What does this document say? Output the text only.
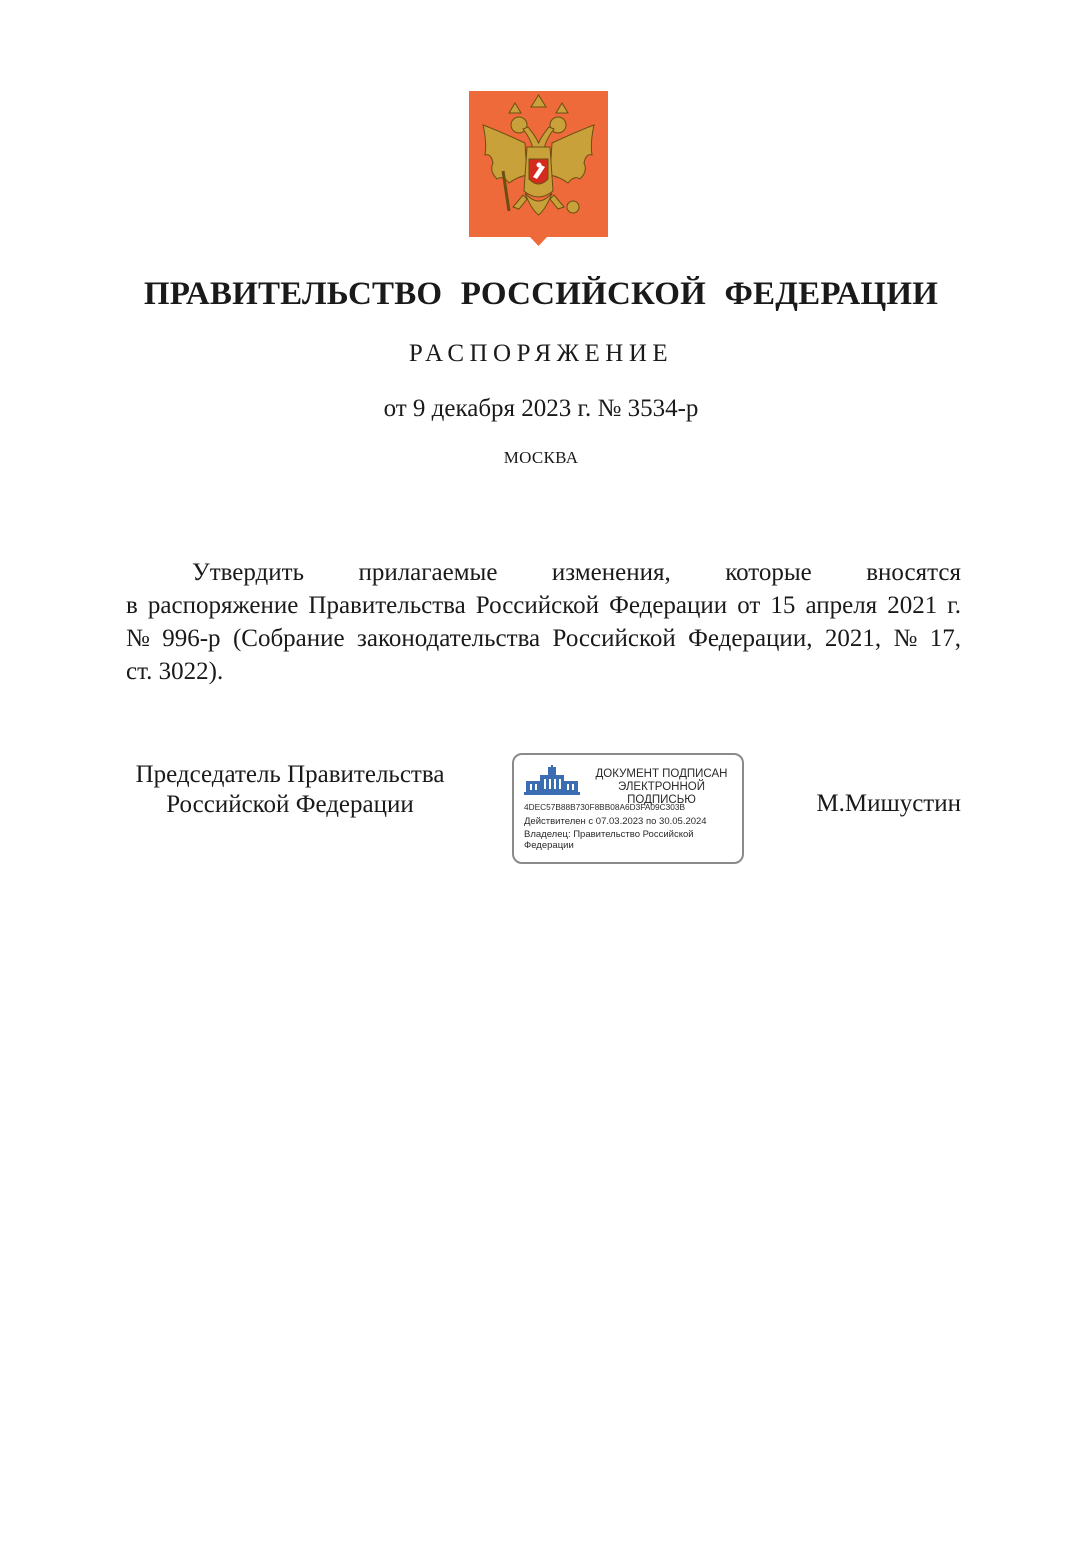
ПРАВИТЕЛЬСТВО РОССИЙСКОЙ ФЕДЕРАЦИИ
РАСПОРЯЖЕНИЕ
от 9 декабря 2023 г. № 3534-р
МОСКВА
Утвердить прилагаемые изменения, которые вносятся
в распоряжение Правительства Российской Федерации от 15 апреля 2021 г.
№ 996-р (Собрание законодательства Российской Федерации, 2021, № 17,
ст. 3022).
Председатель Правительства
Российской Федерации
ДОКУМЕНТ ПОДПИСАН
ЭЛЕКТРОННОЙ ПОДПИСЬЮ
4DEC57B88B730F8BB08A6D3FA09C303B
Действителен с 07.03.2023 по 30.05.2024
Владелец: Правительство Российской
Федерации
М.Мишустин
